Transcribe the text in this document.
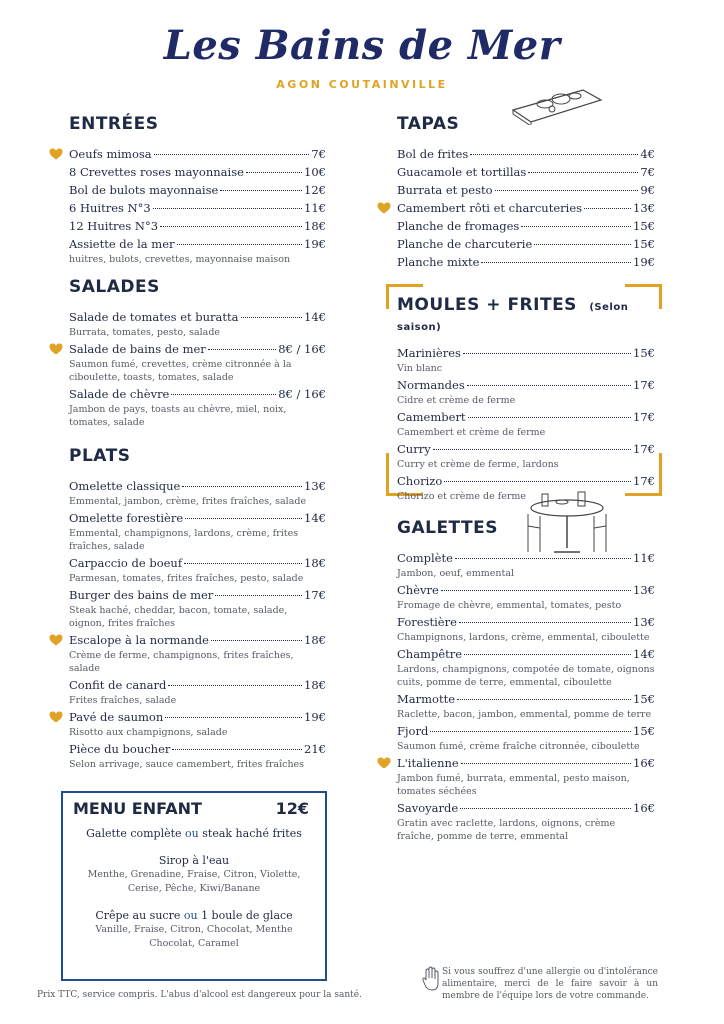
Les Bains de Mer
AGON COUTAINVILLE
ENTRÉES
Oeufs mimosa	7€
8 Crevettes roses mayonnaise	10€
Bol de bulots mayonnaise	12€
6 Huitres N°3	11€
12 Huitres N°3	18€
Assiette de la mer	19€
huitres, bulots, crevettes, mayonnaise maison
SALADES
Salade de tomates et buratta	14€
Burrata, tomates, pesto, salade
Salade de bains de mer	8€ / 16€
Saumon fumé, crevettes, crème citronnée à la ciboulette, toasts, tomates, salade
Salade de chèvre	8€ / 16€
Jambon de pays, toasts au chèvre, miel, noix, tomates, salade
PLATS
Omelette classique	13€
Emmental, jambon, crème, frites fraîches, salade
Omelette forestière	14€
Emmental, champignons, lardons, crème, frites fraîches, salade
Carpaccio de boeuf	18€
Parmesan, tomates, frites fraîches, pesto, salade
Burger des bains de mer	17€
Steak haché, cheddar, bacon, tomate, salade, oignon, frites fraîches
Escalope à la normande	18€
Crème de ferme, champignons, frites fraîches, salade
Confit de canard	18€
Frites fraîches, salade
Pavé de saumon	19€
Risotto aux champignons, salade
Pièce du boucher	21€
Selon arrivage, sauce camembert, frites fraîches
MENU ENFANT	12€
Galette complète ou steak haché frites
Sirop à l'eau
Menthe, Grenadine, Fraise, Citron, Violette,
Cerise, Pêche, Kiwi/Banane
Crêpe au sucre ou 1 boule de glace
Vanille, Fraise, Citron, Chocolat, Menthe
Chocolat, Caramel
TAPAS
Bol de frites	4€
Guacamole et tortillas	7€
Burrata et pesto	9€
Camembert rôti et charcuteries	13€
Planche de fromages	15€
Planche de charcuterie	15€
Planche mixte	19€
MOULES + FRITES (Selon saison)
Marinières	15€
Vin blanc
Normandes	17€
Cidre et crème de ferme
Camembert	17€
Camembert et crème de ferme
Curry	17€
Curry et crème de ferme, lardons
Chorizo	17€
Chorizo et crème de ferme
GALETTES
Complète	11€
Jambon, oeuf, emmental
Chèvre	13€
Fromage de chèvre, emmental, tomates, pesto
Forestière	13€
Champignons, lardons, crème, emmental, ciboulette
Champêtre	14€
Lardons, champignons, compotée de tomate, oignons cuits, pomme de terre, emmental, ciboulette
Marmotte	15€
Raclette, bacon, jambon, emmental, pomme de terre
Fjord	15€
Saumon fumé, crème fraîche citronnée, ciboulette
L'italienne	16€
Jambon fumé, burrata, emmental, pesto maison, tomates séchées
Savoyarde	16€
Gratin avec raclette, lardons, oignons, crème fraîche, pomme de terre, emmental
Prix TTC, service compris. L'abus d'alcool est dangereux pour la santé.
Si vous souffrez d'une allergie ou d'intolérance alimentaire, merci de le faire savoir à un membre de l'équipe lors de votre commande.
